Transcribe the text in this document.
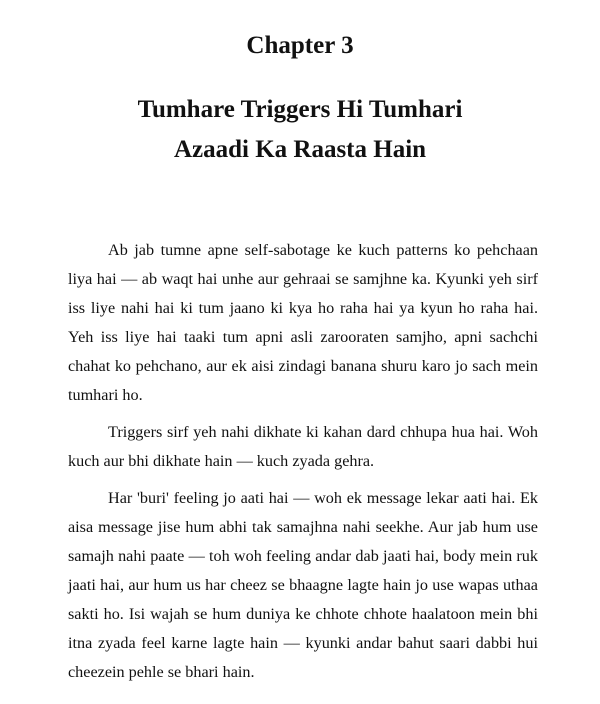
Chapter 3
Tumhare Triggers Hi Tumhari
Azaadi Ka Raasta Hain

Ab jab tumne apne self-sabotage ke kuch patterns ko pehchaan liya hai — ab waqt hai unhe aur gehraai se samjhne ka. Kyunki yeh sirf iss liye nahi hai ki tum jaano ki kya ho raha hai ya kyun ho raha hai. Yeh iss liye hai taaki tum apni asli zarooraten samjho, apni sachchi chahat ko pehchano, aur ek aisi zindagi banana shuru karo jo sach mein tumhari ho.

Triggers sirf yeh nahi dikhate ki kahan dard chhupa hua hai. Woh kuch aur bhi dikhate hain — kuch zyada gehra.

Har 'buri' feeling jo aati hai — woh ek message lekar aati hai. Ek aisa message jise hum abhi tak samajhna nahi seekhe. Aur jab hum use samajh nahi paate — toh woh feeling andar dab jaati hai, body mein ruk jaati hai, aur hum us har cheez se bhaagne lagte hain jo use wapas uthaa sakti ho. Isi wajah se hum duniya ke chhote chhote haalatoon mein bhi itna zyada feel karne lagte hain — kyunki andar bahut saari dabbi hui cheezein pehle se bhari hain.
